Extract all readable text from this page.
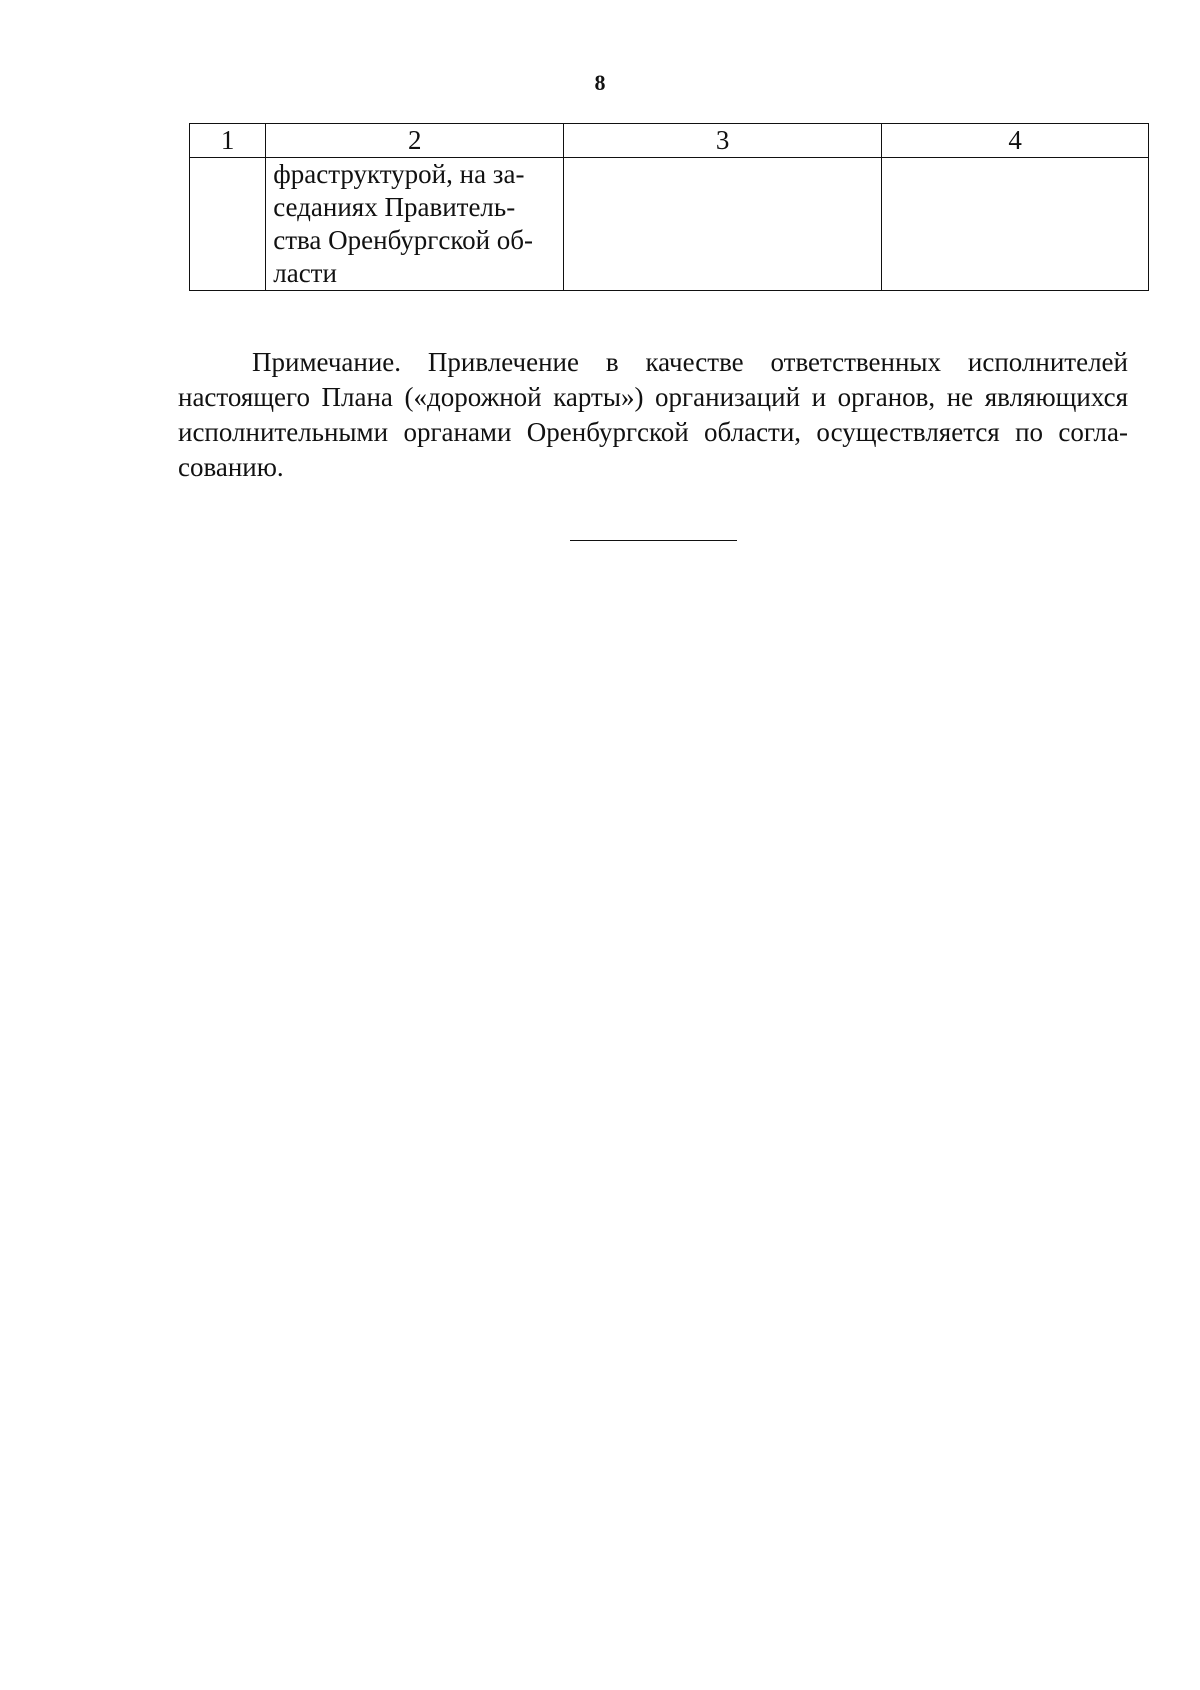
8
1	2	3	4

	фраструктурой, на за-
седаниях Правитель-
ства Оренбургской об-
ласти		

Примечание. Привлечение в качестве ответственных исполнителей
настоящего Плана («дорожной карты») организаций и органов, не являющихся
исполнительными органами Оренбургской области, осуществляется по согла-
сованию.
